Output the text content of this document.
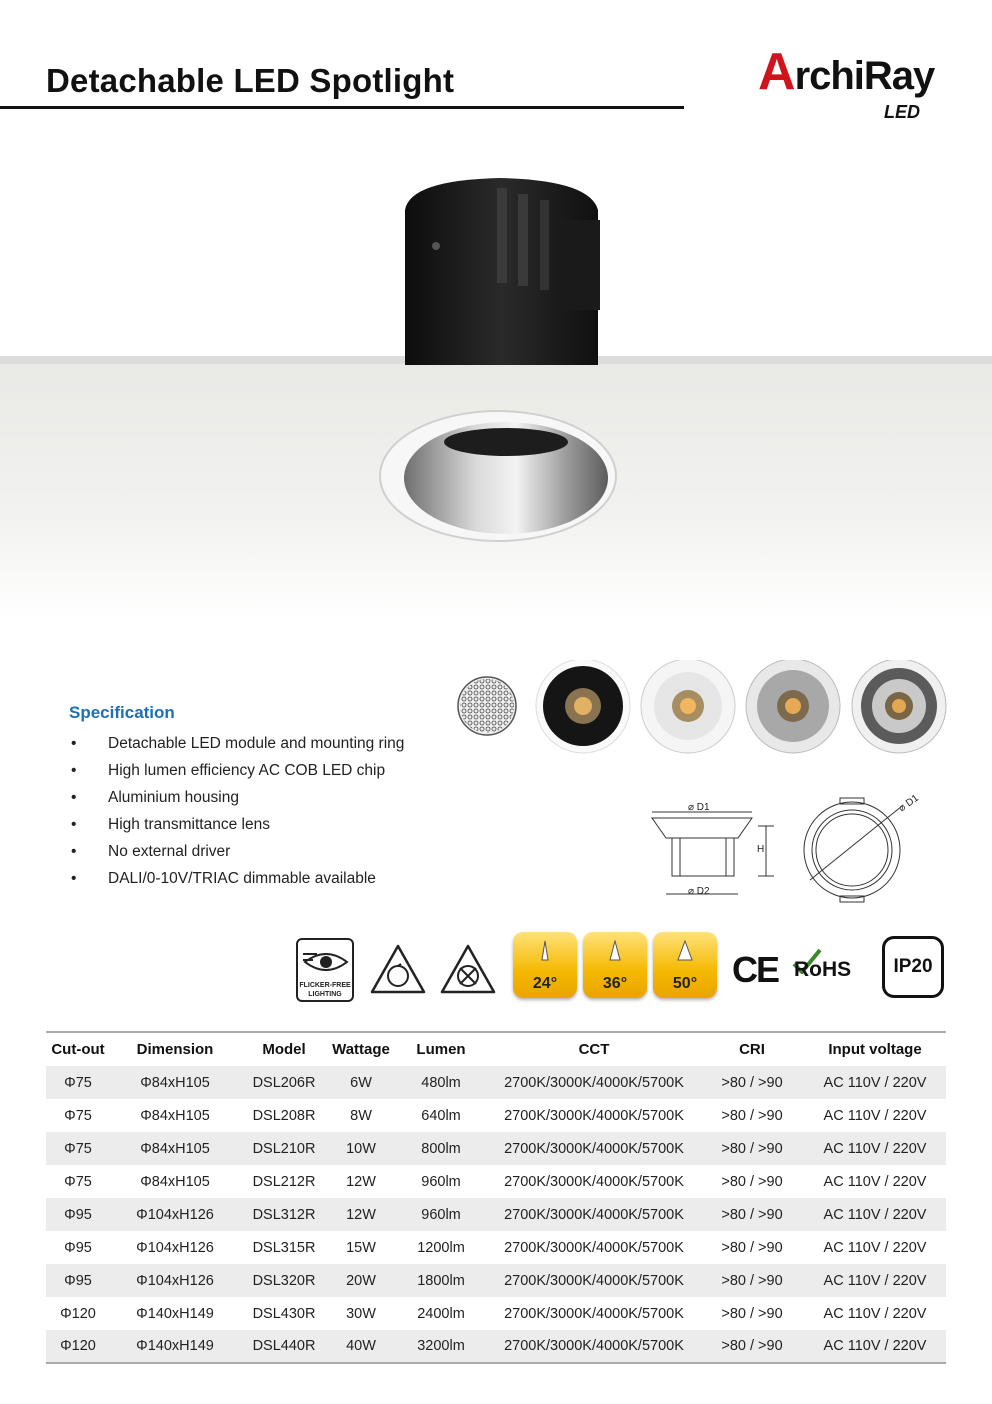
Detachable LED Spotlight	ArchiRay
LED
Specification
• Detachable LED module and mounting ring
• High lumen efficiency AC COB LED chip
• Aluminium housing
• High transmittance lens
• No external driver
• DALI/0-10V/TRIAC dimmable available
⌀ D1
⌀ D2
H
⌀ D1
FLICKER-FREE
LIGHTING
24°	36°	50° CE RoHS	IP20
Cut-out	Dimension	Model	Wattage	Lumen	CCT	CRI	Input voltage
Φ75	Φ84xH105	DSL206R	6W	480lm	2700K/3000K/4000K/5700K	>80 / >90	AC 110V / 220V
Φ75	Φ84xH105	DSL208R	8W	640lm	2700K/3000K/4000K/5700K	>80 / >90	AC 110V / 220V
Φ75	Φ84xH105	DSL210R	10W	800lm	2700K/3000K/4000K/5700K	>80 / >90	AC 110V / 220V
Φ75	Φ84xH105	DSL212R	12W	960lm	2700K/3000K/4000K/5700K	>80 / >90	AC 110V / 220V
Φ95	Φ104xH126	DSL312R	12W	960lm	2700K/3000K/4000K/5700K	>80 / >90	AC 110V / 220V
Φ95	Φ104xH126	DSL315R	15W	1200lm	2700K/3000K/4000K/5700K	>80 / >90	AC 110V / 220V
Φ95	Φ104xH126	DSL320R	20W	1800lm	2700K/3000K/4000K/5700K	>80 / >90	AC 110V / 220V
Φ120	Φ140xH149	DSL430R	30W	2400lm	2700K/3000K/4000K/5700K	>80 / >90	AC 110V / 220V
Φ120	Φ140xH149	DSL440R	40W	3200lm	2700K/3000K/4000K/5700K	>80 / >90	AC 110V / 220V
